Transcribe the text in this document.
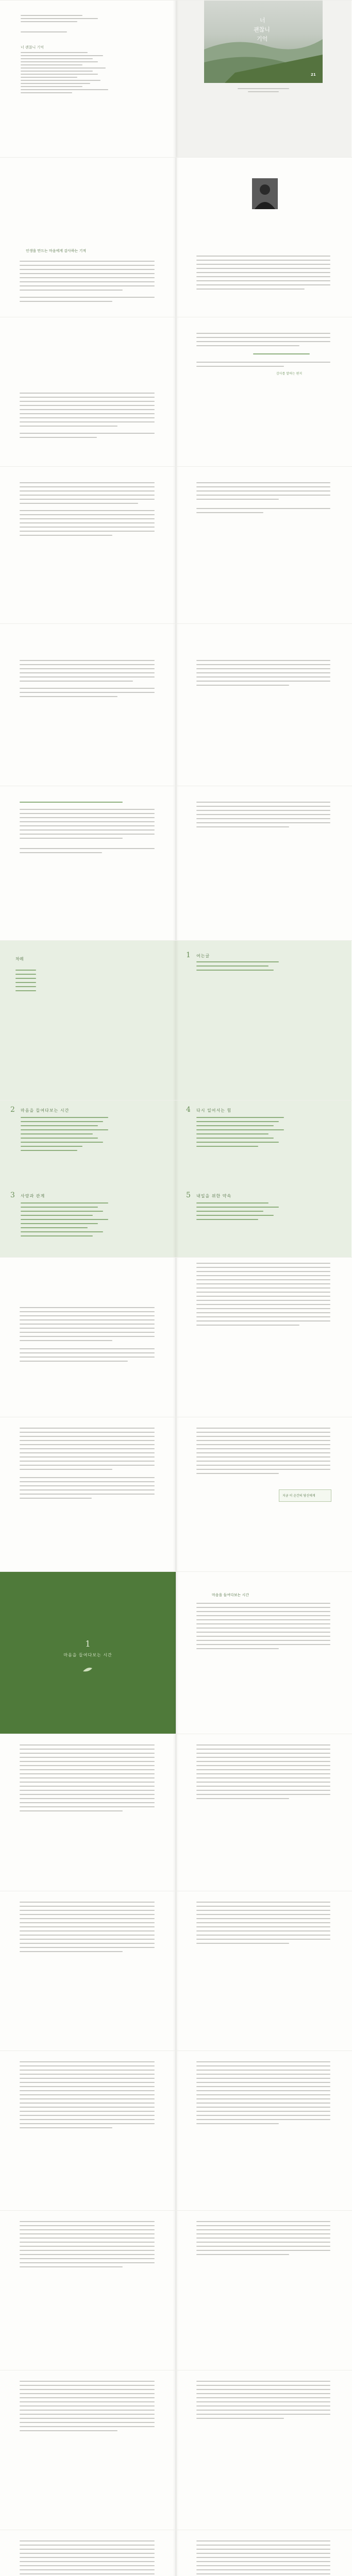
너 괜찮니 기억
너
괜찮니
기억
21
인생을 만드는 마음에게 감사하는 기적
감사를 말하는 편지
차례	1 여는글
2 마음을 들여다보는 시간
3 사랑과 관계
4 다시 일어서는 힘
5 내일을 위한 약속
지금 이 순간의 당신에게
1
마음을 들여다보는 시간
마음을 들여다보는 시간
